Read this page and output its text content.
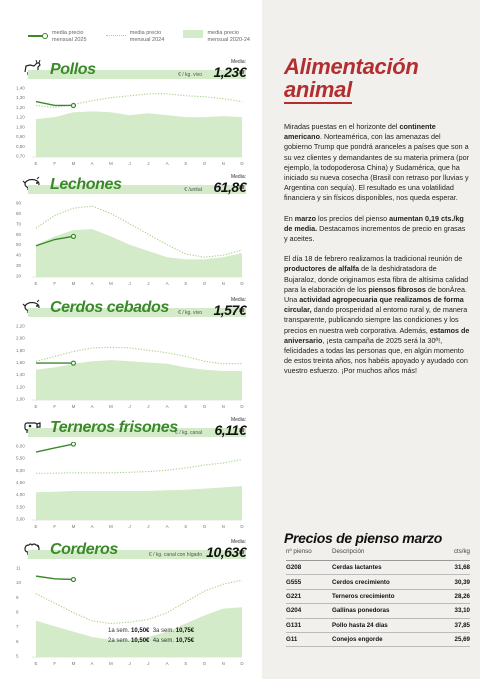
media precio
mensual 2025
media precio
mensual 2024
media precio
mensual 2020-24
Pollos	€ / kg. vivo
Media:
1,23€
1,40
1,30
1,20
1,10
1,00
0,90
0,80
0,70
E	F	M	A	M	J	J	A	S	O	N	D
Lechones	€ /unitat
Media:
61,8€
90
80
70
60
50
40
30
20
E	F	M	A	M	J	J	A	S	O	N	D
Cerdos cebados € / kg. vivo
Media:
1,57€
2,20
2,00
1,80
1,60
1,40
1,20
1,00
E	F	M	A	M	J	J	A	S	O	N	D
Terneros frisones
€ / kg. canal
Media:
6,11€
6,00
5,50
5,00
4,50
4,00
3,50
3,00
E	F	M	A	M	J	J	A	S	O	N	D
Corderos	€ / kg. canal con hígado
Media:
10,63€
11
10
9
8
7
6
5
E	F	M	A	M	J	J	A	S	O	N	D
1a sem. 10,50€ 3a sem. 10,75€
2a sem. 10,50€ 4a sem. 10,75€
Alimentación
animal

Miradas puestas en el horizonte del continente americano. Norteamérica, con las amenazas del gobierno Trump que pondrá aranceles a países que son a su vez clientes y demandantes de su materia primera (por ejemplo, la todopoderosa China) y Sudamérica, que ha iniciado su nueva cosecha (Brasil con retraso por lluvias y Argentina con sequía). El resultado es una volatilidad financiera y sin físicos disponibles, nos queda esperar.

En marzo los precios del pienso aumentan 0,19 cts./kg de media. Destacamos incrementos de precio en grasas y aceites.

El día 18 de febrero realizamos la tradicional reunión de productores de alfalfa de la deshidratadora de Bujaraloz, donde originamos esta fibra de altísima calidad para la elaboración de los piensos fibrosos de bonÀrea. Una actividad agropecuaria que realizamos de forma circular, dando prosperidad al entorno rural y, de manera transparente, publicando siempre las condiciones y los precios en nuestra web corporativa. Además, estamos de aniversario, ¡esta campaña de 2025 será la 30ª!, felicidades a todas las personas que, en algún momento de estos treinta años, nos habéis apoyado y ayudado con vuestro esfuerzo. ¡Por muchos años más!

Precios de pienso marzo
nº pienso	Descripción	cts/kg
G208	Cerdas lactantes	31,68
G555	Cerdos crecimiento	30,39
G221	Terneros crecimiento	28,26
G204	Gallinas ponedoras	33,10
G131	Pollo hasta 24 días	37,85
G11	Conejos engorde	25,69
